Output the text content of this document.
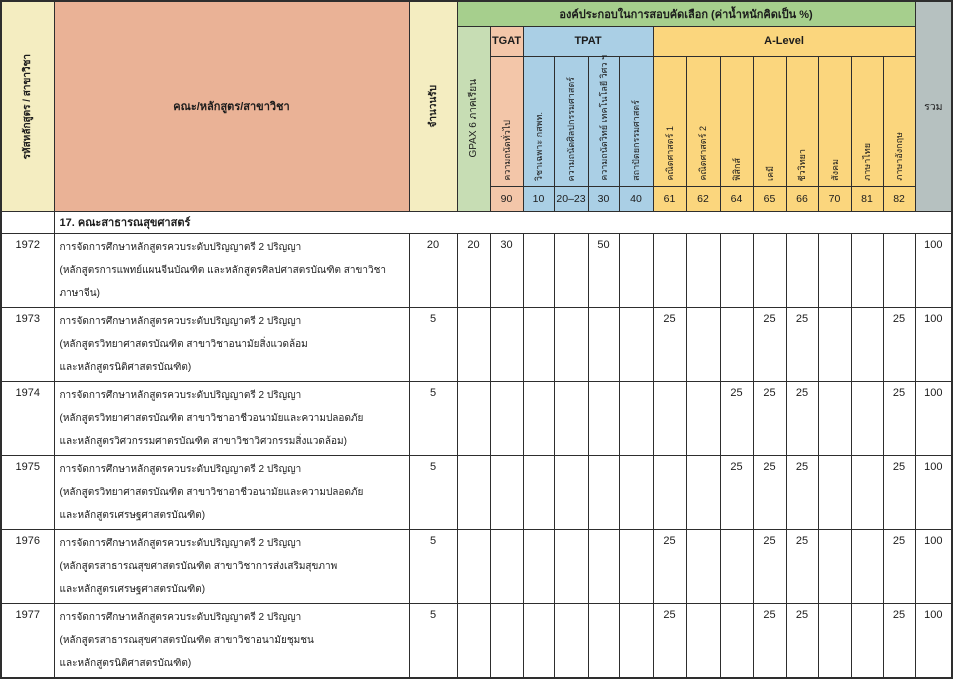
รหัสหลักสูตร / สาขาวิชา	คณะ/หลักสูตร/สาขาวิชา	จำนวนรับ	องค์ประกอบในการสอบคัดเลือก (ค่าน้ำหนักคิดเป็น %)														รวม

			GPAX 6 ภาคเรียน	TGAT	TPAT				A-Level								

				ความถนัดทั่วไป	วิชาเฉพาะ กสพท.	ความถนัดศิลปกรรมศาสตร์	ความถนัดวิทย์ เทคโนโลยี วิศว ฯ	สถาปัตยกรรมศาสตร์	คณิตศาสตร์ 1	คณิตศาสตร์ 2	ฟิสิกส์	เคมี	ชีววิทยา	สังคม	ภาษาไทย	ภาษาอังกฤษ	

				90	10	20–23	30	40	61	62	64	65	66	70	81	82	
	17. คณะสาธารณสุขศาสตร์																
1972	การจัดการศึกษาหลักสูตรควบระดับปริญญาตรี 2 ปริญญา
(หลักสูตรการแพทย์แผนจีนบัณฑิต และหลักสูตรศิลปศาสตรบัณฑิต สาขาวิชาภาษาจีน)	20	20	30			50										100
1973	การจัดการศึกษาหลักสูตรควบระดับปริญญาตรี 2 ปริญญา
(หลักสูตรวิทยาศาสตรบัณฑิต สาขาวิชาอนามัยสิ่งแวดล้อม
และหลักสูตรนิติศาสตรบัณฑิต)	5							25			25	25			25	100
1974	การจัดการศึกษาหลักสูตรควบระดับปริญญาตรี 2 ปริญญา
(หลักสูตรวิทยาศาสตรบัณฑิต สาขาวิชาอาชีวอนามัยและความปลอดภัย
และหลักสูตรวิศวกรรมศาตรบัณฑิต สาขาวิชาวิศวกรรมสิ่งแวดล้อม)	5									25	25	25			25	100
1975	การจัดการศึกษาหลักสูตรควบระดับปริญญาตรี 2 ปริญญา
(หลักสูตรวิทยาศาสตรบัณฑิต สาขาวิชาอาชีวอนามัยและความปลอดภัย
และหลักสูตรเศรษฐศาสตรบัณฑิต)	5									25	25	25			25	100
1976	การจัดการศึกษาหลักสูตรควบระดับปริญญาตรี 2 ปริญญา
(หลักสูตรสาธารณสุขศาสตรบัณฑิต สาขาวิชาการส่งเสริมสุขภาพ
และหลักสูตรเศรษฐศาสตรบัณฑิต)	5							25			25	25			25	100
1977	การจัดการศึกษาหลักสูตรควบระดับปริญญาตรี 2 ปริญญา
(หลักสูตรสาธารณสุขศาสตรบัณฑิต สาขาวิชาอนามัยชุมชน
และหลักสูตรนิติศาสตรบัณฑิต)	5							25			25	25			25	100
